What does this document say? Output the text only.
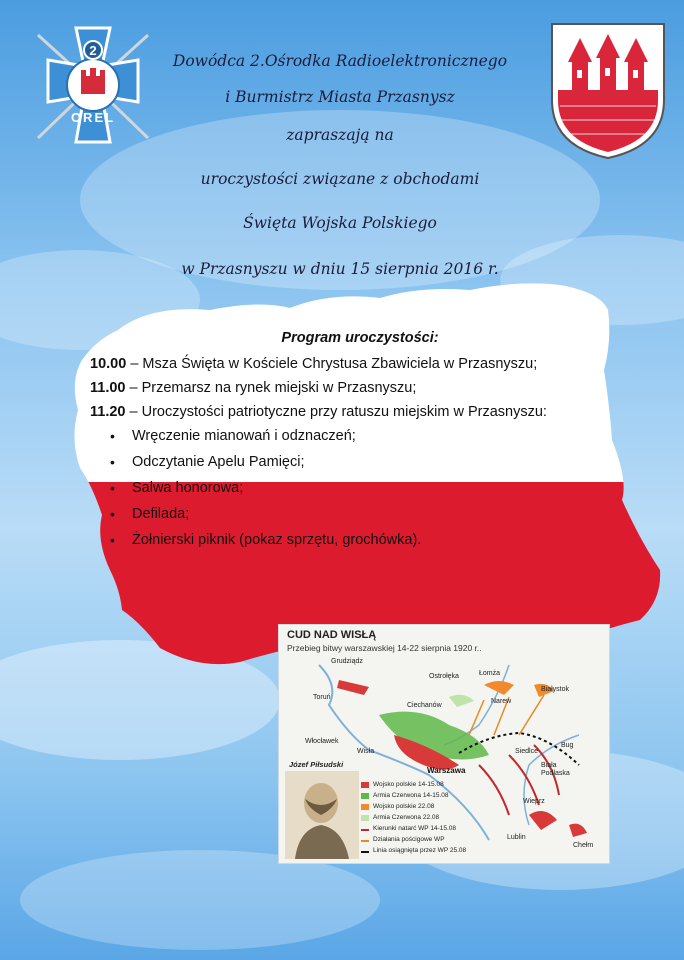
2
OREL
Dowódca 2.Ośrodka Radioelektronicznego
i Burmistrz Miasta Przasnysz
zapraszają na
uroczystości związane z obchodami
Święta Wojska Polskiego
w Przasnyszu w dniu 15 sierpnia 2016 r.
Program uroczystości:
10.00 – Msza Święta w Kościele Chrystusa Zbawiciela w Przasnyszu;
11.00 – Przemarsz na rynek miejski w Przasnyszu;
11.20 – Uroczystości patriotyczne przy ratuszu miejskim w Przasnyszu:
• Wręczenie mianowań i odznaczeń;
• Odczytanie Apelu Pamięci;
• Salwa honorowa;
• Defilada;
• Żołnierski piknik (pokaz sprzętu, grochówka).
Grudziądz
Ostrołęka	Łomża
Białystok
Toruń
Ciechanów
Włocławek
Warszawa
Siedlce
Biała
Podlaska
Lublin
Chełm
Wisła
Narew
Bug
Wieprz
CUD NAD WISŁĄ
Przebieg bitwy warszawskiej 14-22 sierpnia 1920 r..
Józef Piłsudski
Wojsko polskie 14-15.08
Armia Czerwona 14-15.08
Wojsko polskie 22.08
Armia Czerwona 22.08
Kierunki natarć WP 14-15.08
Działania pościgowe WP
Linia osiągnięta przez WP 25.08
